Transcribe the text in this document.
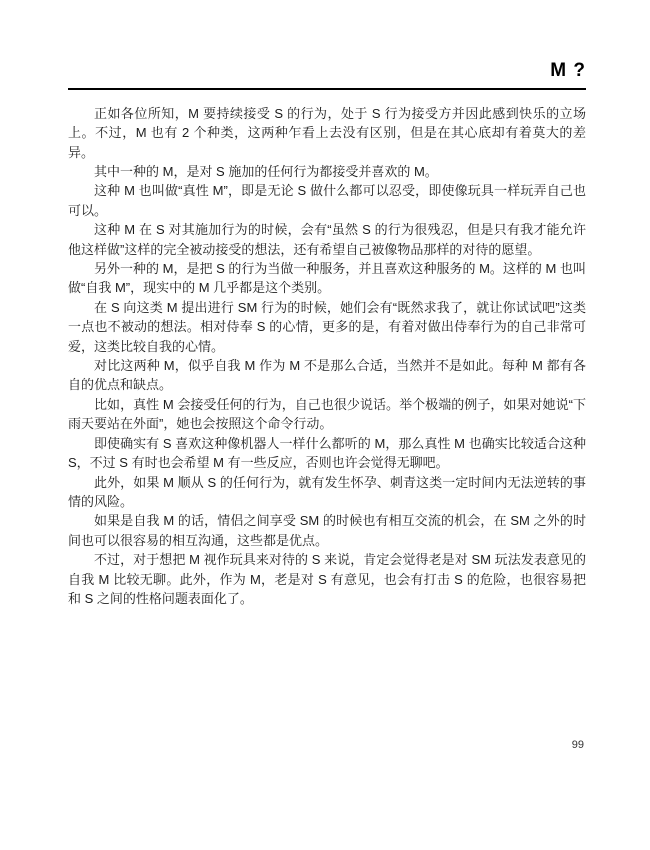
M ?

正如各位所知，M 要持续接受 S 的行为，处于 S 行为接受方并因此感到快乐的立场上。不过，M 也有 2 个种类，这两种乍看上去没有区别，但是在其心底却有着莫大的差异。

其中一种的 M，是对 S 施加的任何行为都接受并喜欢的 M。

这种 M 也叫做“真性 M”，即是无论 S 做什么都可以忍受，即使像玩具一样玩弄自己也可以。

这种 M 在 S 对其施加行为的时候，会有“虽然 S 的行为很残忍，但是只有我才能允许他这样做”这样的完全被动接受的想法，还有希望自己被像物品那样的对待的愿望。

另外一种的 M，是把 S 的行为当做一种服务，并且喜欢这种服务的 M。这样的 M 也叫做“自我 M”，现实中的 M 几乎都是这个类别。

在 S 向这类 M 提出进行 SM 行为的时候，她们会有“既然求我了，就让你试试吧”这类一点也不被动的想法。相对侍奉 S 的心情，更多的是，有着对做出侍奉行为的自己非常可爱，这类比较自我的心情。

对比这两种 M，似乎自我 M 作为 M 不是那么合适，当然并不是如此。每种 M 都有各自的优点和缺点。

比如，真性 M 会接受任何的行为，自己也很少说话。举个极端的例子，如果对她说“下雨天要站在外面”，她也会按照这个命令行动。

即使确实有 S 喜欢这种像机器人一样什么都听的 M，那么真性 M 也确实比较适合这种 S，不过 S 有时也会希望 M 有一些反应，否则也许会觉得无聊吧。

此外，如果 M 顺从 S 的任何行为，就有发生怀孕、刺青这类一定时间内无法逆转的事情的风险。

如果是自我 M 的话，情侣之间享受 SM 的时候也有相互交流的机会，在 SM 之外的时间也可以很容易的相互沟通，这些都是优点。

不过，对于想把 M 视作玩具来对待的 S 来说，肯定会觉得老是对 SM 玩法发表意见的自我 M 比较无聊。此外，作为 M，老是对 S 有意见，也会有打击 S 的危险，也很容易把和 S 之间的性格问题表面化了。

99
